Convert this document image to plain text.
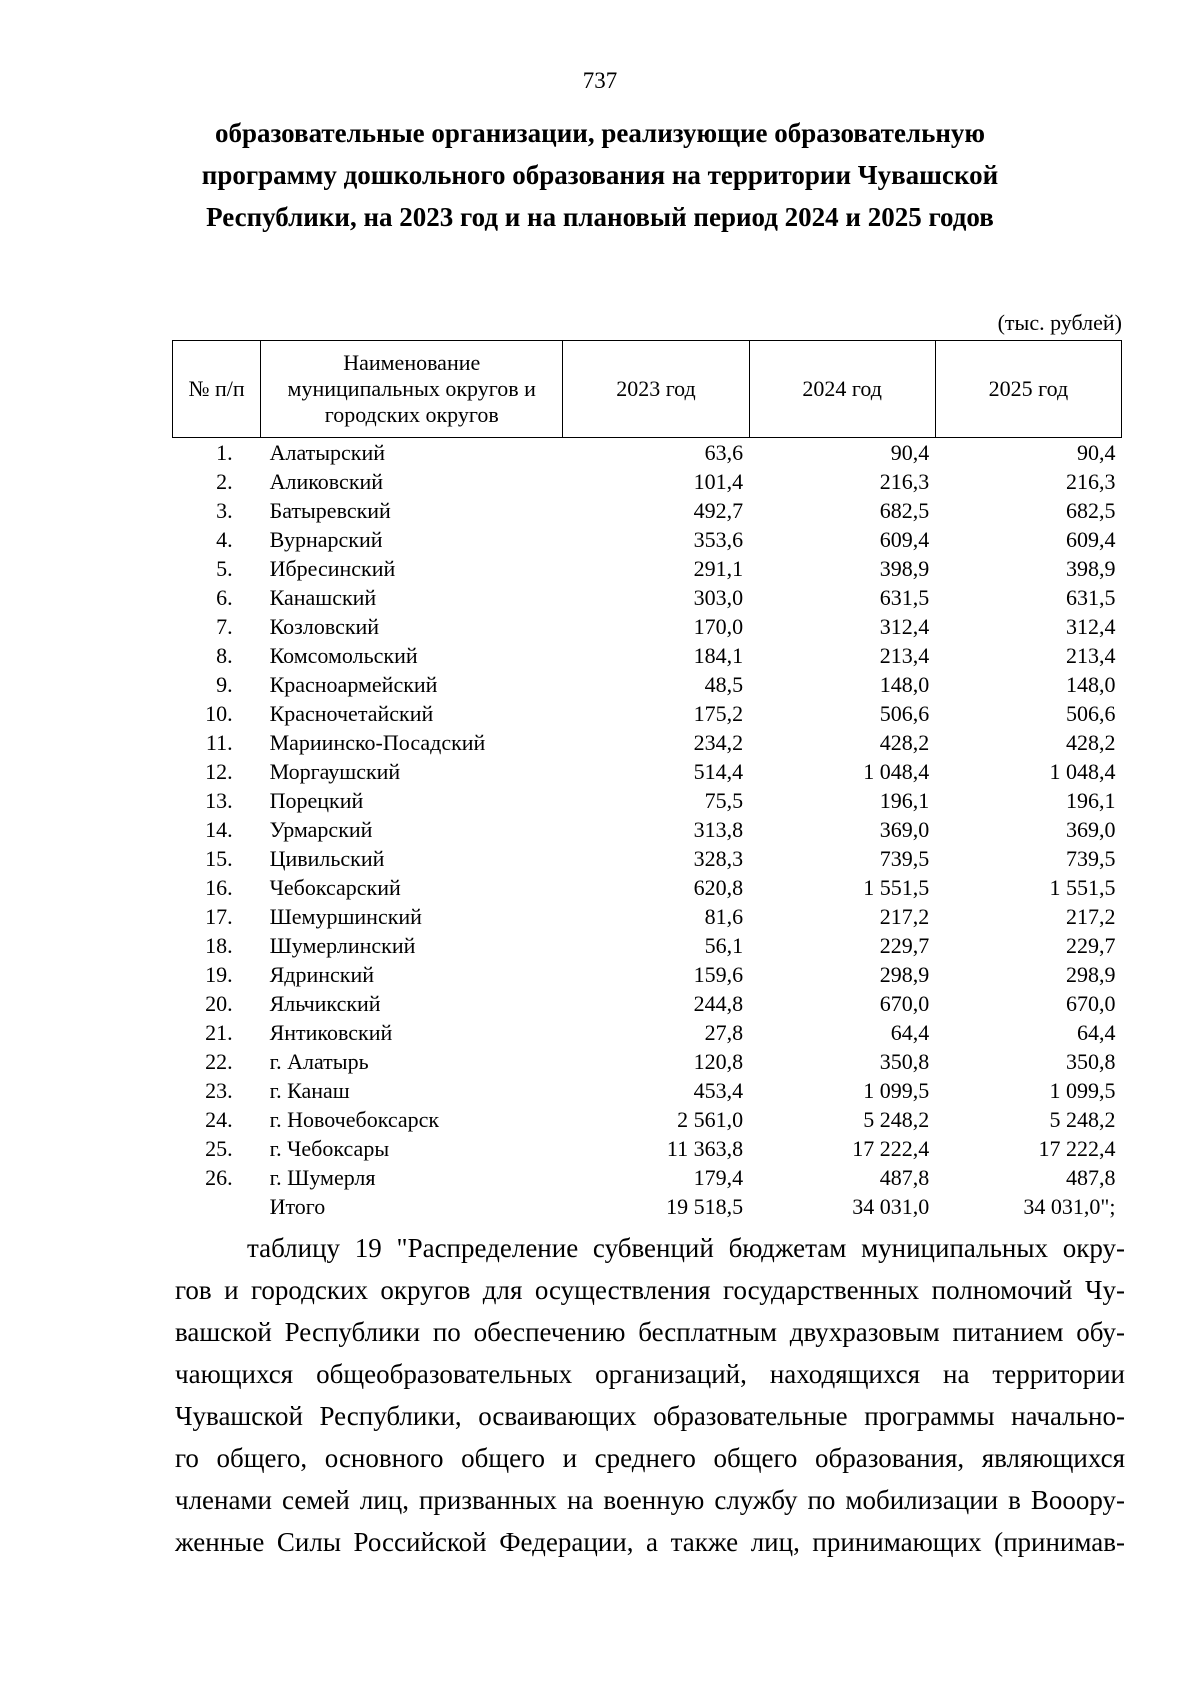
737
образовательные организации, реализующие образовательную
программу дошкольного образования на территории Чувашской
Республики, на 2023 год и на плановый период 2024 и 2025 годов
(тыс. рублей)
№ п/п	Наименование муниципальных округов и городских округов	2023 год	2024 год	2025 год
1.	Алатырский	63,6	90,4	90,4
2.	Аликовский	101,4	216,3	216,3
3.	Батыревский	492,7	682,5	682,5
4.	Вурнарский	353,6	609,4	609,4
5.	Ибресинский	291,1	398,9	398,9
6.	Канашский	303,0	631,5	631,5
7.	Козловский	170,0	312,4	312,4
8.	Комсомольский	184,1	213,4	213,4
9.	Красноармейский	48,5	148,0	148,0
10.	Красночетайский	175,2	506,6	506,6
11.	Мариинско-Посадский	234,2	428,2	428,2
12.	Моргаушский	514,4	1 048,4	1 048,4
13.	Порецкий	75,5	196,1	196,1
14.	Урмарский	313,8	369,0	369,0
15.	Цивильский	328,3	739,5	739,5
16.	Чебоксарский	620,8	1 551,5	1 551,5
17.	Шемуршинский	81,6	217,2	217,2
18.	Шумерлинский	56,1	229,7	229,7
19.	Ядринский	159,6	298,9	298,9
20.	Яльчикский	244,8	670,0	670,0
21.	Янтиковский	27,8	64,4	64,4
22.	г. Алатырь	120,8	350,8	350,8
23.	г. Канаш	453,4	1 099,5	1 099,5
24.	г. Новочебоксарск	2 561,0	5 248,2	5 248,2
25.	г. Чебоксары	11 363,8	17 222,4	17 222,4
26.	г. Шумерля	179,4	487,8	487,8
	Итого	19 518,5	34 031,0	34 031,0";
таблицу 19 "Распределение субвенций бюджетам муниципальных окру-
гов и городских округов для осуществления государственных полномочий Чу-
вашской Республики по обеспечению бесплатным двухразовым питанием обу-
чающихся общеобразовательных организаций, находящихся на территории
Чувашской Республики, осваивающих образовательные программы начально-
го общего, основного общего и среднего общего образования, являющихся
членами семей лиц, призванных на военную службу по мобилизации в Вооору-
женные Силы Российской Федерации, а также лиц, принимающих (принимав-
